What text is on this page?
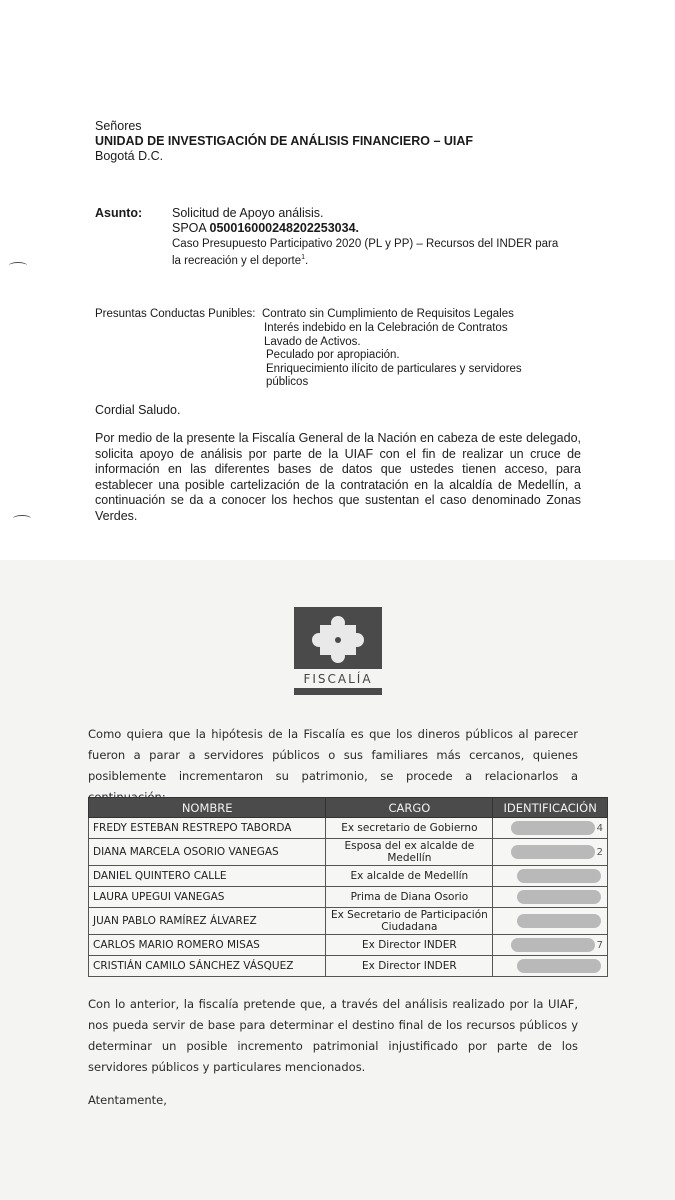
Señores
UNIDAD DE INVESTIGACIÓN DE ANÁLISIS FINANCIERO – UIAF
Bogotá D.C.
Asunto: Solicitud de Apoyo análisis.
SPOA 05001600024820225303​4.
Caso Presupuesto Participativo 2020 (PL y PP) – Recursos del INDER para
la recreación y el deporte$^1$.
Presuntas Conductas Punibles: Contrato sin Cumplimiento de Requisitos Legales
Interés indebido en la Celebración de Contratos
Lavado de Activos.
Peculado por apropiación.
Enriquecimiento ilícito de particulares y servidores
públicos
Cordial Saludo.
Por medio de la presente la Fiscalía General de la Nación en cabeza de este delegado, solicita apoyo de análisis por parte de la UIAF con el fin de realizar un cruce de información en las diferentes bases de datos que ustedes tienen acceso, para establecer una posible cartelización de la contratación en la alcaldía de Medellín, a continuación se da a conocer los hechos que sustentan el caso denominado Zonas Verdes.
FISCALÍA
Como quiera que la hipótesis de la Fiscalía es que los dineros públicos al parecer fueron a parar a servidores públicos o sus familiares más cercanos, quienes posiblemente incrementaron su patrimonio, se procede a relacionarlos a
NOMBRE	CARGO	IDENTIFICACIÓN
FREDY ESTEBAN RESTREPO TABORDA	Ex secretario de Gobierno	4
DIANA MARCELA OSORIO VANEGAS	Esposa del ex alcalde de Medellín	2
DANIEL QUINTERO CALLE	Ex alcalde de Medellín	
LAURA UPEGUI VANEGAS	Prima de Diana Osorio	
JUAN PABLO RAMÍREZ ÁLVAREZ	Ex Secretario de Participación Ciudadana	
CARLOS MARIO ROMERO MISAS	Ex Director INDER	7
CRISTIÁN CAMILO SÁNCHEZ VÁSQUEZ	Ex Director INDER	
Con lo anterior, la fiscalía pretende que, a través del análisis realizado por la UIAF, nos pueda servir de base para determinar el destino final de los recursos públicos y determinar un posible incremento patrimonial injustificado por parte de los servidores públicos y particulares mencionados.
Atentamente,
